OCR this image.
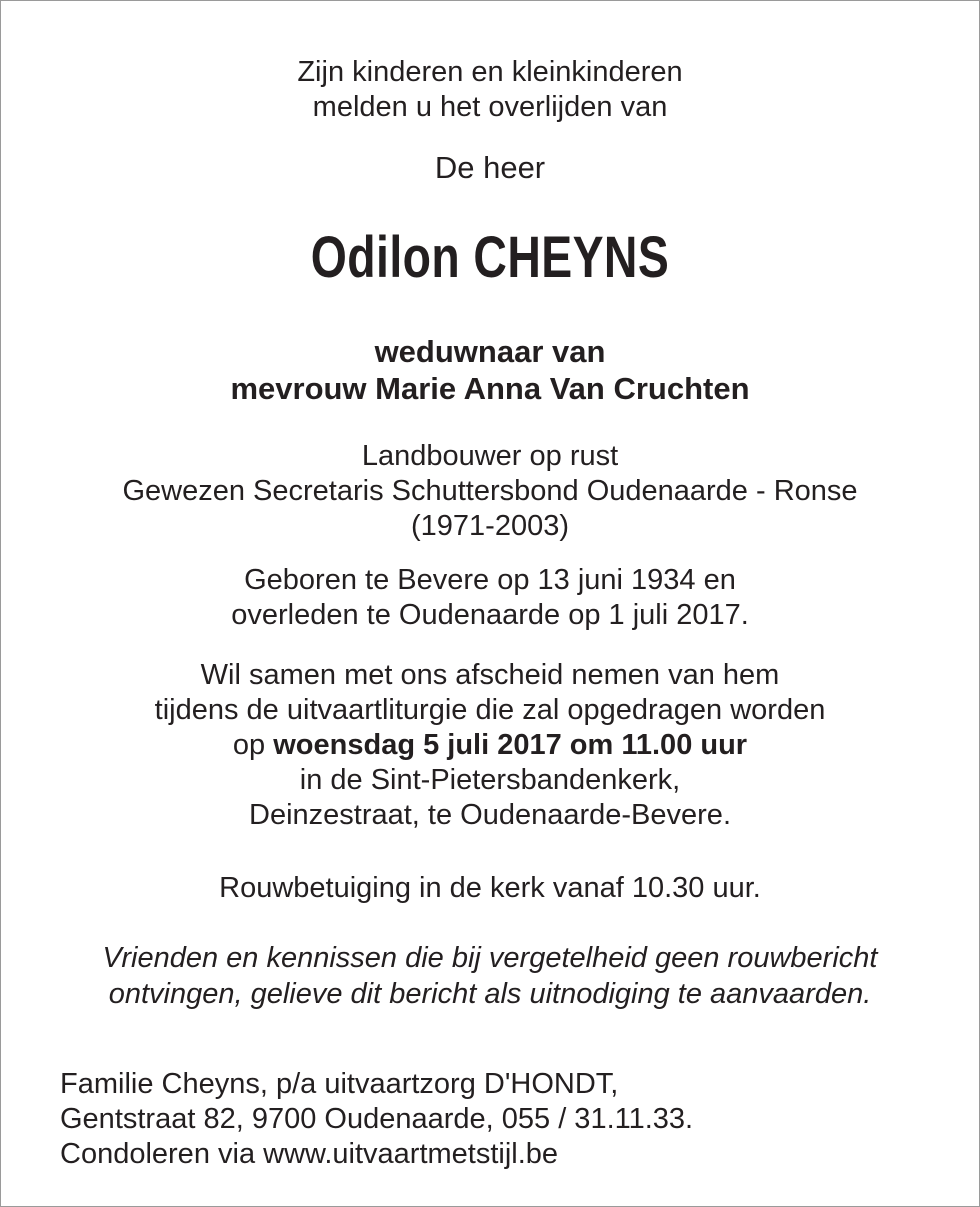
Zijn kinderen en kleinkinderen
melden u het overlijden van
De heer
Odilon CHEYNS
weduwnaar van
mevrouw Marie Anna Van Cruchten
Landbouwer op rust
Gewezen Secretaris Schuttersbond Oudenaarde - Ronse
(1971-2003)
Geboren te Bevere op 13 juni 1934 en
overleden te Oudenaarde op 1 juli 2017.
Wil samen met ons afscheid nemen van hem
tijdens de uitvaartliturgie die zal opgedragen worden
op woensdag 5 juli 2017 om 11.00 uur
in de Sint-Pietersbandenkerk,
Deinzestraat, te Oudenaarde-Bevere.
Rouwbetuiging in de kerk vanaf 10.30 uur.
Vrienden en kennissen die bij vergetelheid geen rouwbericht
ontvingen, gelieve dit bericht als uitnodiging te aanvaarden.
Familie Cheyns, p/a uitvaartzorg D'HONDT,
Gentstraat 82, 9700 Oudenaarde, 055 / 31.11.33.
Condoleren via www.uitvaartmetstijl.be
